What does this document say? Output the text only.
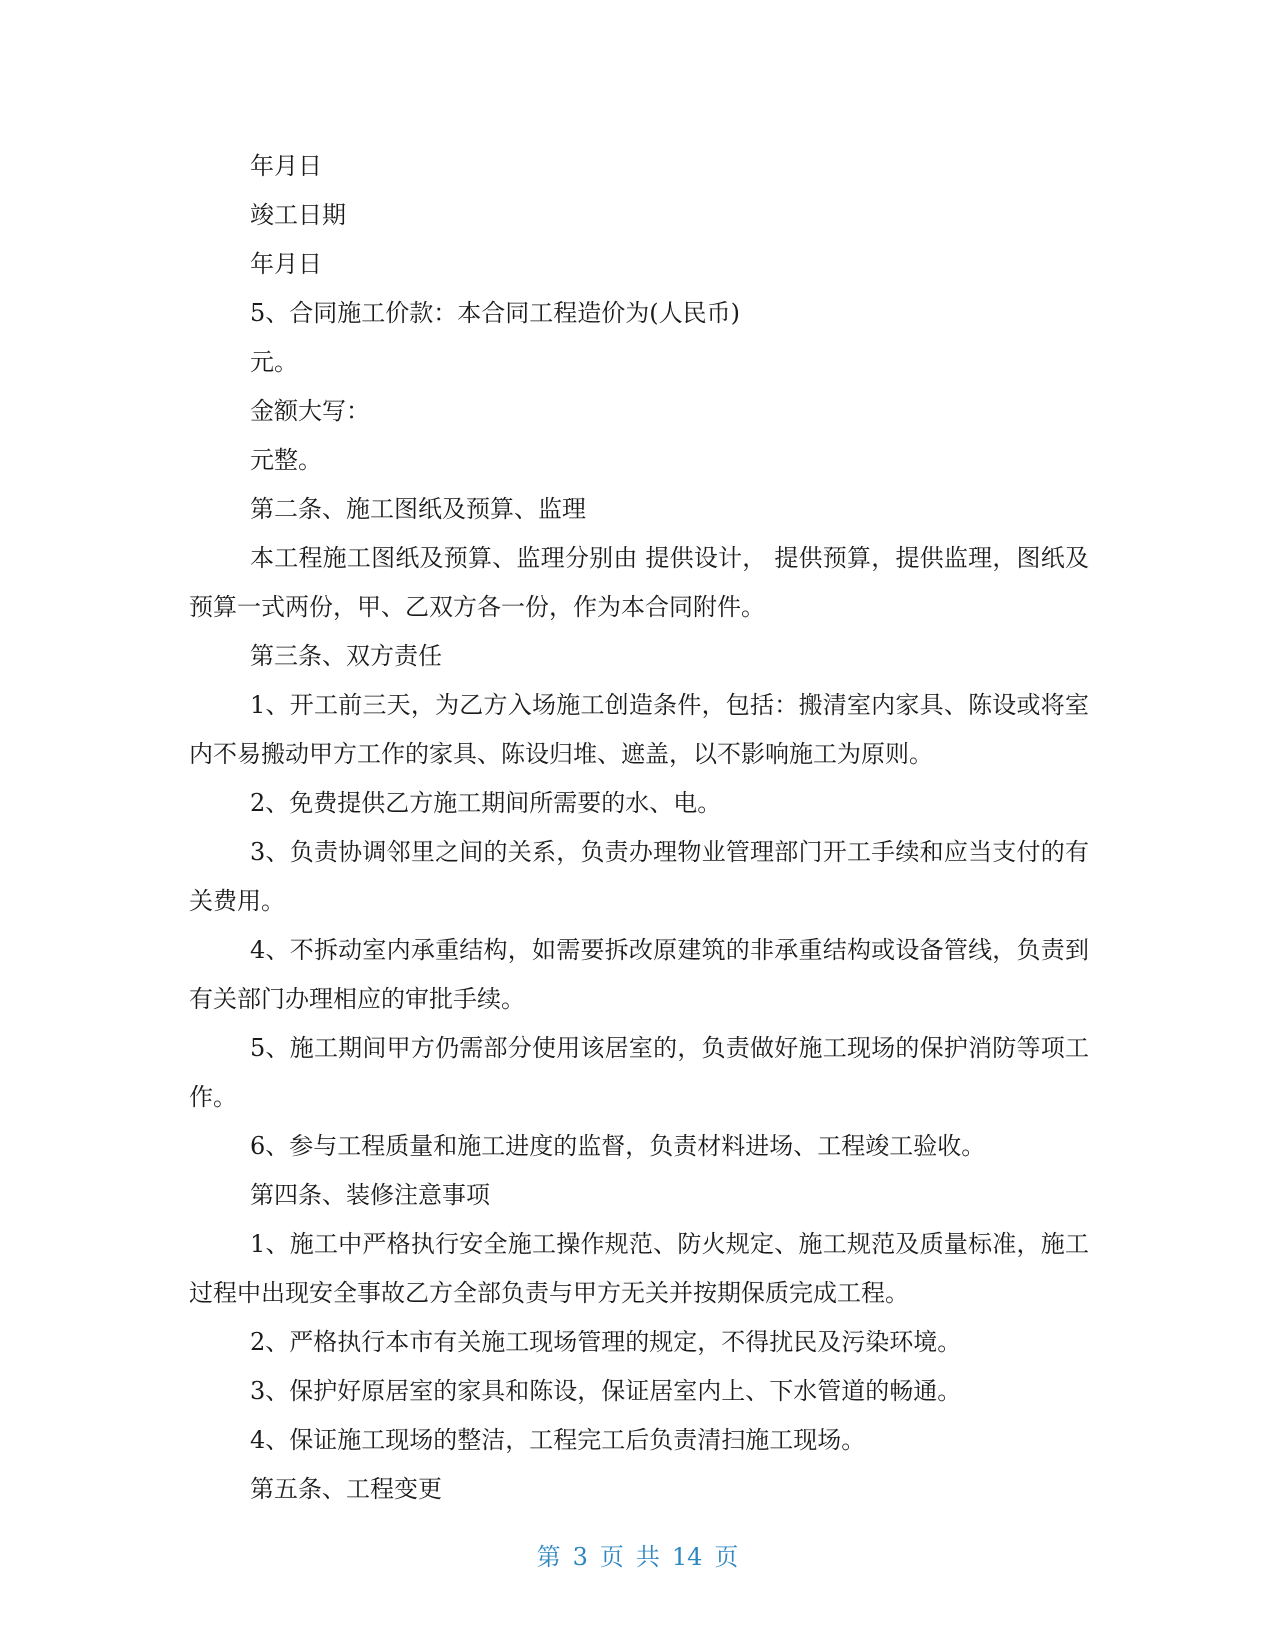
年月日

竣工日期

年月日

5、合同施工价款：本合同工程造价为(人民币)

元。

金额大写：

元整。

第二条、施工图纸及预算、监理

本工程施工图纸及预算、监理分别由 提供设计， 提供预算，提供监理，图纸及预算一式两份，甲、乙双方各一份，作为本合同附件。

第三条、双方责任

1、开工前三天，为乙方入场施工创造条件，包括：搬清室内家具、陈设或将室内不易搬动甲方工作的家具、陈设归堆、遮盖，以不影响施工为原则。

2、免费提供乙方施工期间所需要的水、电。

3、负责协调邻里之间的关系，负责办理物业管理部门开工手续和应当支付的有关费用。

4、不拆动室内承重结构，如需要拆改原建筑的非承重结构或设备管线，负责到有关部门办理相应的审批手续。

5、施工期间甲方仍需部分使用该居室的，负责做好施工现场的保护消防等项工作。

6、参与工程质量和施工进度的监督，负责材料进场、工程竣工验收。

第四条、装修注意事项

1、施工中严格执行安全施工操作规范、防火规定、施工规范及质量标准，施工过程中出现安全事故乙方全部负责与甲方无关并按期保质完成工程。

2、严格执行本市有关施工现场管理的规定，不得扰民及污染环境。

3、保护好原居室的家具和陈设，保证居室内上、下水管道的畅通。

4、保证施工现场的整洁，工程完工后负责清扫施工现场。

第五条、工程变更

第 3 页 共 14 页
